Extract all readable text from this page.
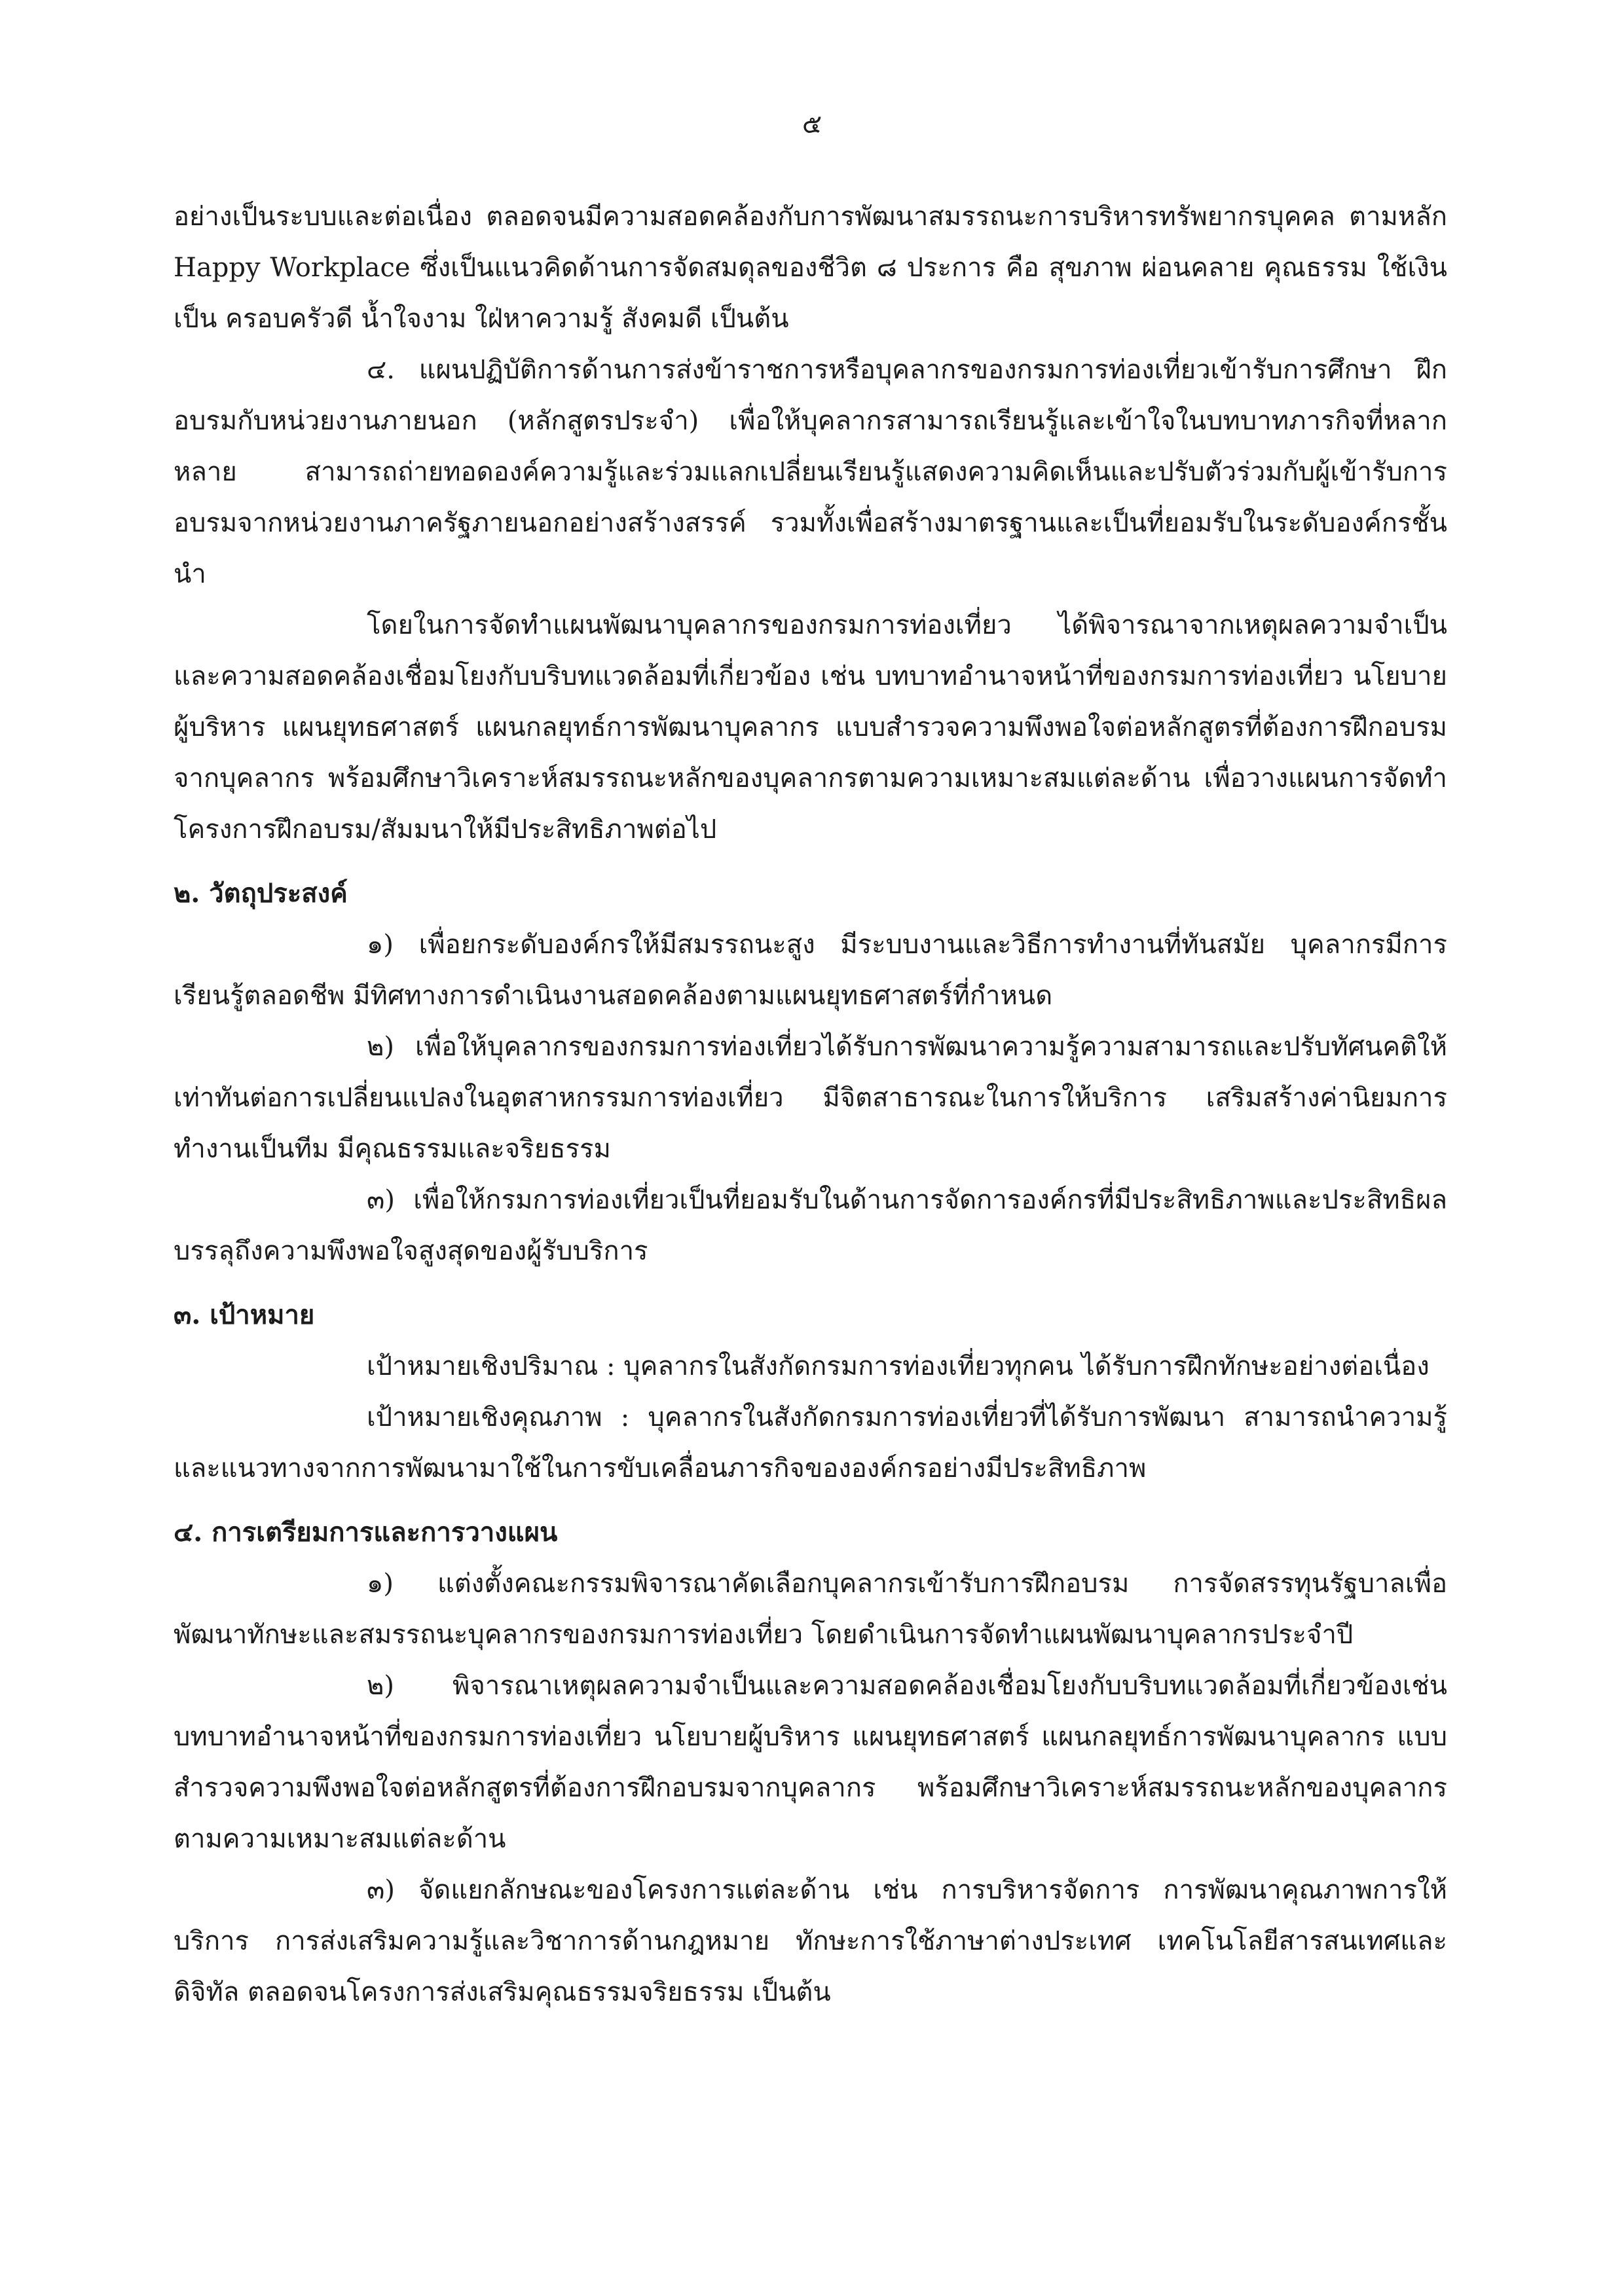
๕

อย่างเป็นระบบและต่อเนื่อง ตลอดจนมีความสอดคล้องกับการพัฒนาสมรรถนะการบริหารทรัพยากรบุคคล ตามหลัก Happy Workplace ซึ่งเป็นแนวคิดด้านการจัดสมดุลของชีวิต ๘ ประการ คือ สุขภาพ ผ่อนคลาย คุณธรรม ใช้เงินเป็น ครอบครัวดี น้ำใจงาม ใฝ่หาความรู้ สังคมดี เป็นต้น

๔. แผนปฏิบัติการด้านการส่งข้าราชการหรือบุคลากรของกรมการท่องเที่ยวเข้ารับการศึกษา ฝึกอบรมกับหน่วยงานภายนอก (หลักสูตรประจำ) เพื่อให้บุคลากรสามารถเรียนรู้และเข้าใจในบทบาทภารกิจที่หลากหลาย สามารถถ่ายทอดองค์ความรู้และร่วมแลกเปลี่ยนเรียนรู้แสดงความคิดเห็นและปรับตัวร่วมกับผู้เข้ารับการอบรมจากหน่วยงานภาครัฐภายนอกอย่างสร้างสรรค์ รวมทั้งเพื่อสร้างมาตรฐานและเป็นที่ยอมรับในระดับองค์กรชั้นนำ

โดยในการจัดทำแผนพัฒนาบุคลากรของกรมการท่องเที่ยว ได้พิจารณาจากเหตุผลความจำเป็นและความสอดคล้องเชื่อมโยงกับบริบทแวดล้อมที่เกี่ยวข้อง เช่น บทบาทอำนาจหน้าที่ของกรมการท่องเที่ยว นโยบายผู้บริหาร แผนยุทธศาสตร์ แผนกลยุทธ์การพัฒนาบุคลากร แบบสำรวจความพึงพอใจต่อหลักสูตรที่ต้องการฝึกอบรมจากบุคลากร พร้อมศึกษาวิเคราะห์สมรรถนะหลักของบุคลากรตามความเหมาะสมแต่ละด้าน เพื่อวางแผนการจัดทำโครงการฝึกอบรม/สัมมนาให้มีประสิทธิภาพต่อไป

๒. วัตถุประสงค์

๑) เพื่อยกระดับองค์กรให้มีสมรรถนะสูง มีระบบงานและวิธีการทำงานที่ทันสมัย บุคลากรมีการเรียนรู้ตลอดชีพ มีทิศทางการดำเนินงานสอดคล้องตามแผนยุทธศาสตร์ที่กำหนด

๒) เพื่อให้บุคลากรของกรมการท่องเที่ยวได้รับการพัฒนาความรู้ความสามารถและปรับทัศนคติให้เท่าทันต่อการเปลี่ยนแปลงในอุตสาหกรรมการท่องเที่ยว มีจิตสาธารณะในการให้บริการ เสริมสร้างค่านิยมการทำงานเป็นทีม มีคุณธรรมและจริยธรรม

๓) เพื่อให้กรมการท่องเที่ยวเป็นที่ยอมรับในด้านการจัดการองค์กรที่มีประสิทธิภาพและประสิทธิผล บรรลุถึงความพึงพอใจสูงสุดของผู้รับบริการ

๓. เป้าหมาย

เป้าหมายเชิงปริมาณ : บุคลากรในสังกัดกรมการท่องเที่ยวทุกคน ได้รับการฝึกทักษะอย่างต่อเนื่อง

เป้าหมายเชิงคุณภาพ : บุคลากรในสังกัดกรมการท่องเที่ยวที่ได้รับการพัฒนา สามารถนำความรู้และแนวทางจากการพัฒนามาใช้ในการขับเคลื่อนภารกิจขององค์กรอย่างมีประสิทธิภาพ

๔. การเตรียมการและการวางแผน

๑) แต่งตั้งคณะกรรมพิจารณาคัดเลือกบุคลากรเข้ารับการฝึกอบรม การจัดสรรทุนรัฐบาลเพื่อพัฒนาทักษะและสมรรถนะบุคลากรของกรมการท่องเที่ยว โดยดำเนินการจัดทำแผนพัฒนาบุคลากรประจำปี

๒) พิจารณาเหตุผลความจำเป็นและความสอดคล้องเชื่อมโยงกับบริบทแวดล้อมที่เกี่ยวข้องเช่น บทบาทอำนาจหน้าที่ของกรมการท่องเที่ยว นโยบายผู้บริหาร แผนยุทธศาสตร์ แผนกลยุทธ์การพัฒนาบุคลากร แบบสำรวจความพึงพอใจต่อหลักสูตรที่ต้องการฝึกอบรมจากบุคลากร พร้อมศึกษาวิเคราะห์สมรรถนะหลักของบุคลากรตามความเหมาะสมแต่ละด้าน

๓) จัดแยกลักษณะของโครงการแต่ละด้าน เช่น การบริหารจัดการ การพัฒนาคุณภาพการให้บริการ การส่งเสริมความรู้และวิชาการด้านกฎหมาย ทักษะการใช้ภาษาต่างประเทศ เทคโนโลยีสารสนเทศและดิจิทัล ตลอดจนโครงการส่งเสริมคุณธรรมจริยธรรม เป็นต้น
